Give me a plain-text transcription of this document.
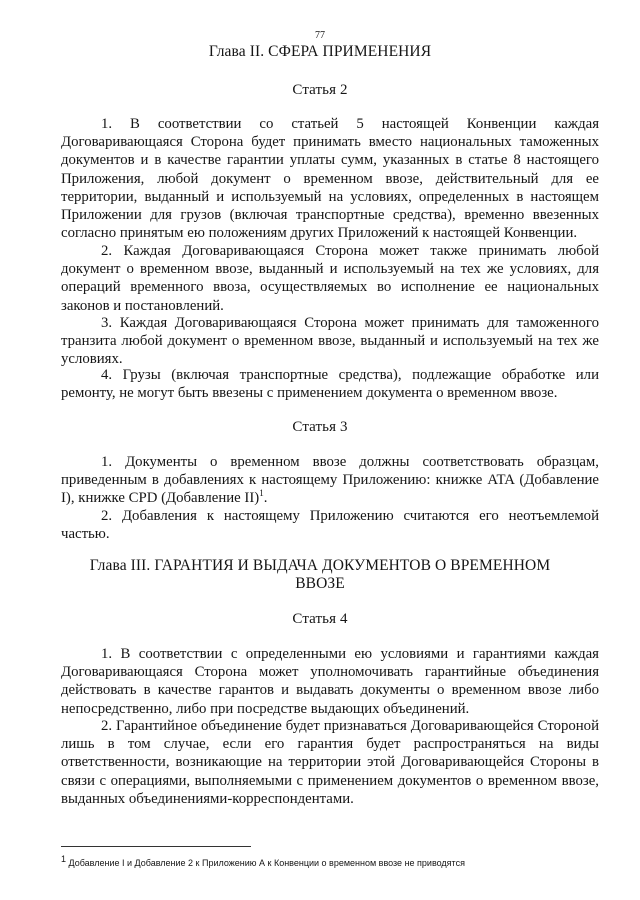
77
Глава II. СФЕРА ПРИМЕНЕНИЯ
Статья 2

1. В соответствии со статьей 5 настоящей Конвенции каждая Договаривающаяся Сторона будет принимать вместо национальных таможенных документов и в качестве гарантии уплаты сумм, указанных в статье 8 настоящего Приложения, любой документ о временном ввозе, действительный для ее территории, выданный и используемый на условиях, определенных в настоящем Приложении для грузов (включая транспортные средства), временно ввезенных согласно принятым ею положениям других Приложений к настоящей Конвенции.

2. Каждая Договаривающаяся Сторона может также принимать любой документ о временном ввозе, выданный и используемый на тех же условиях, для операций временного ввоза, осуществляемых во исполнение ее национальных законов и постановлений.

3. Каждая Договаривающаяся Сторона может принимать для таможенного транзита любой документ о временном ввозе, выданный и используемый на тех же условиях.

4. Грузы (включая транспортные средства), подлежащие обработке или ремонту, не могут быть ввезены с применением документа о временном ввозе.

Статья 3

1. Документы о временном ввозе должны соответствовать образцам, приведенным в добавлениях к настоящему Приложению: книжке ATA (Добавление I), книжке CPD (Добавление II)$^1$.

2. Добавления к настоящему Приложению считаются его неотъемлемой частью.

Глава III. ГАРАНТИЯ И ВЫДАЧА ДОКУМЕНТОВ О ВРЕМЕННОМ
ВВОЗЕ
Статья 4

1. В соответствии с определенными ею условиями и гарантиями каждая Договаривающаяся Сторона может уполномочивать гарантийные объединения действовать в качестве гарантов и выдавать документы о временном ввозе либо непосредственно, либо при посредстве выдающих объединений.

2. Гарантийное объединение будет признаваться Договаривающейся Стороной лишь в том случае, если его гарантия будет распространяться на виды ответственности, возникающие на территории этой Договаривающейся Стороны в связи с операциями, выполняемыми с применением документов о временном ввозе, выданных объединениями-корреспондентами.

$^1$ Добавление I и Добавление 2 к Приложению А к Конвенции о временном ввозе не приводятся
